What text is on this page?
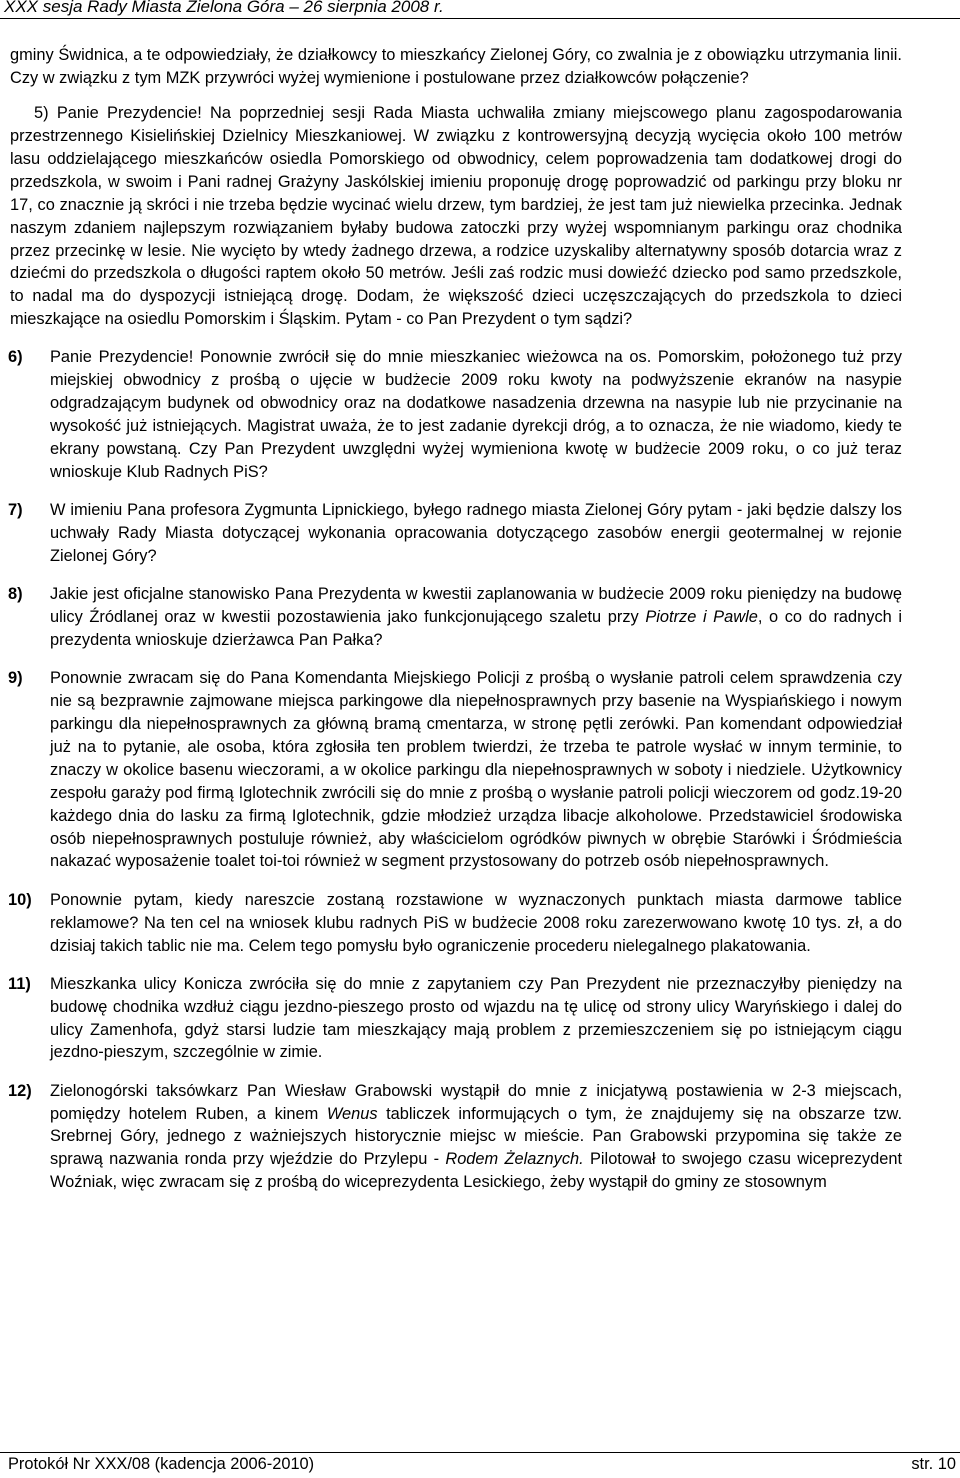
XXX sesja Rady Miasta Zielona Góra – 26 sierpnia 2008 r.

gminy Świdnica, a te odpowiedziały, że działkowcy to mieszkańcy Zielonej Góry, co zwalnia je z obowiązku utrzymania linii. Czy w związku z tym MZK przywróci wyżej wymienione i postulowane przez działkowców połączenie?

5) Panie Prezydencie! Na poprzedniej sesji Rada Miasta uchwaliła zmiany miejscowego planu zagospodarowania przestrzennego Kisielińskiej Dzielnicy Mieszkaniowej. W związku z kontrowersyjną decyzją wycięcia około 100 metrów lasu oddzielającego mieszkańców osiedla Pomorskiego od obwodnicy, celem poprowadzenia tam dodatkowej drogi do przedszkola, w swoim i Pani radnej Grażyny Jaskólskiej imieniu proponuję drogę poprowadzić od parkingu przy bloku nr 17, co znacznie ją skróci i nie trzeba będzie wycinać wielu drzew, tym bardziej, że jest tam już niewielka przecinka. Jednak naszym zdaniem najlepszym rozwiązaniem byłaby budowa zatoczki przy wyżej wspomnianym parkingu oraz chodnika przez przecinkę w lesie. Nie wycięto by wtedy żadnego drzewa, a rodzice uzyskaliby alternatywny sposób dotarcia wraz z dziećmi do przedszkola o długości raptem około 50 metrów. Jeśli zaś rodzic musi dowieźć dziecko pod samo przedszkole, to nadal ma do dyspozycji istniejącą drogę. Dodam, że większość dzieci uczęszczających do przedszkola to dzieci mieszkające na osiedlu Pomorskim i Śląskim. Pytam - co Pan Prezydent o tym sądzi?
6) Panie Prezydencie! Ponownie zwrócił się do mnie mieszkaniec wieżowca na os. Pomorskim, położonego tuż przy miejskiej obwodnicy z prośbą o ujęcie w budżecie 2009 roku kwoty na podwyższenie ekranów na nasypie odgradzającym budynek od obwodnicy oraz na dodatkowe nasadzenia drzewna na nasypie lub nie przycinanie na wysokość już istniejących. Magistrat uważa, że to jest zadanie dyrekcji dróg, a to oznacza, że nie wiadomo, kiedy te ekrany powstaną. Czy Pan Prezydent uwzględni wyżej wymieniona kwotę w budżecie 2009 roku, o co już teraz wnioskuje Klub Radnych PiS?
7) W imieniu Pana profesora Zygmunta Lipnickiego, byłego radnego miasta Zielonej Góry pytam - jaki będzie dalszy los uchwały Rady Miasta dotyczącej wykonania opracowania dotyczącego zasobów energii geotermalnej w rejonie Zielonej Góry?
8) Jakie jest oficjalne stanowisko Pana Prezydenta w kwestii zaplanowania w budżecie 2009 roku pieniędzy na budowę ulicy Źródlanej oraz w kwestii pozostawienia jako funkcjonującego szaletu przy Piotrze i Pawle, o co do radnych i prezydenta wnioskuje dzierżawca Pan Pałka?
9) Ponownie zwracam się do Pana Komendanta Miejskiego Policji z prośbą o wysłanie patroli celem sprawdzenia czy nie są bezprawnie zajmowane miejsca parkingowe dla niepełnosprawnych przy basenie na Wyspiańskiego i nowym parkingu dla niepełnosprawnych za główną bramą cmentarza, w stronę pętli zerówki. Pan komendant odpowiedział już na to pytanie, ale osoba, która zgłosiła ten problem twierdzi, że trzeba te patrole wysłać w innym terminie, to znaczy w okolice basenu wieczorami, a w okolice parkingu dla niepełnosprawnych w soboty i niedziele. Użytkownicy zespołu garaży pod firmą Iglotechnik zwrócili się do mnie z prośbą o wysłanie patroli policji wieczorem od godz.19-20 każdego dnia do lasku za firmą Iglotechnik, gdzie młodzież urządza libacje alkoholowe. Przedstawiciel środowiska osób niepełnosprawnych postuluje również, aby właścicielom ogródków piwnych w obrębie Starówki i Śródmieścia nakazać wyposażenie toalet toi-toi również w segment przystosowany do potrzeb osób niepełnosprawnych.
10) Ponownie pytam, kiedy nareszcie zostaną rozstawione w wyznaczonych punktach miasta darmowe tablice reklamowe? Na ten cel na wniosek klubu radnych PiS w budżecie 2008 roku zarezerwowano kwotę 10 tys. zł, a do dzisiaj takich tablic nie ma. Celem tego pomysłu było ograniczenie procederu nielegalnego plakatowania.
11) Mieszkanka ulicy Konicza zwróciła się do mnie z zapytaniem czy Pan Prezydent nie przeznaczyłby pieniędzy na budowę chodnika wzdłuż ciągu jezdno-pieszego prosto od wjazdu na tę ulicę od strony ulicy Waryńskiego i dalej do ulicy Zamenhofa, gdyż starsi ludzie tam mieszkający mają problem z przemieszczeniem się po istniejącym ciągu jezdno-pieszym, szczególnie w zimie.
12) Zielonogórski taksówkarz Pan Wiesław Grabowski wystąpił do mnie z inicjatywą postawienia w 2-3 miejscach, pomiędzy hotelem Ruben, a kinem Wenus tabliczek informujących o tym, że znajdujemy się na obszarze tzw. Srebrnej Góry, jednego z ważniejszych historycznie miejsc w mieście. Pan Grabowski przypomina się także ze sprawą nazwania ronda przy wjeździe do Przylepu - Rodem Żelaznych. Pilotował to swojego czasu wiceprezydent Woźniak, więc zwracam się z prośbą do wiceprezydenta Lesickiego, żeby wystąpił do gminy ze stosownym
Protokół Nr XXX/08 (kadencja 2006-2010)	str. 10
